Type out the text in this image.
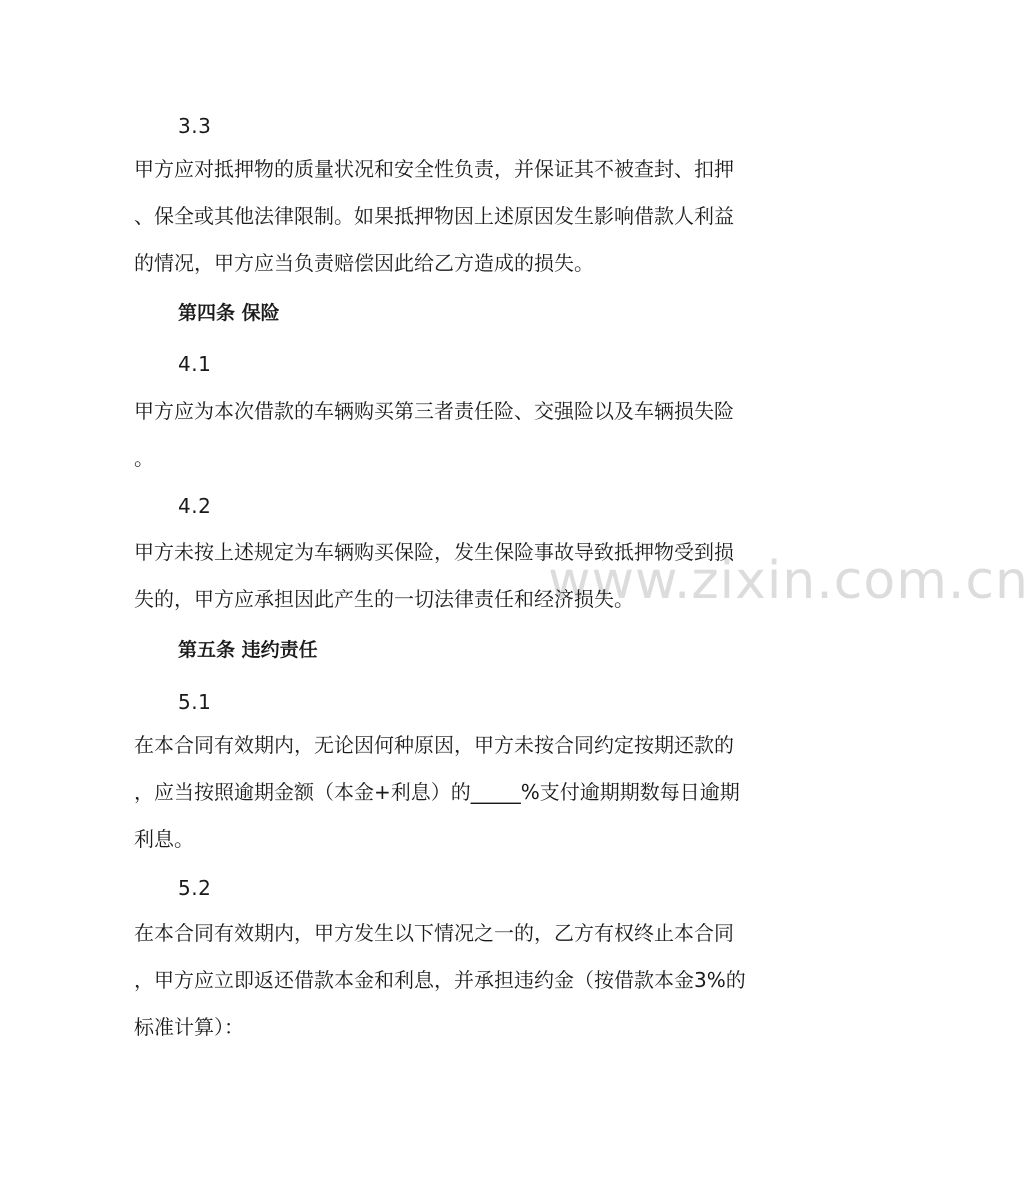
www.zixin.com.cn
3.3
甲方应对抵押物的质量状况和安全性负责，并保证其不被查封、扣押
、保全或其他法律限制。如果抵押物因上述原因发生影响借款人利益
的情况，甲方应当负责赔偿因此给乙方造成的损失。
第四条 保险
4.1
甲方应为本次借款的车辆购买第三者责任险、交强险以及车辆损失险
。
4.2
甲方未按上述规定为车辆购买保险，发生保险事故导致抵押物受到损
失的，甲方应承担因此产生的一切法律责任和经济损失。
第五条 违约责任
5.1
在本合同有效期内，无论因何种原因，甲方未按合同约定按期还款的
，应当按照逾期金额（本金+利息）的_____%支付逾期期数每日逾期
利息。
5.2
在本合同有效期内，甲方发生以下情况之一的，乙方有权终止本合同
，甲方应立即返还借款本金和利息，并承担违约金（按借款本金3%的
标准计算）：
